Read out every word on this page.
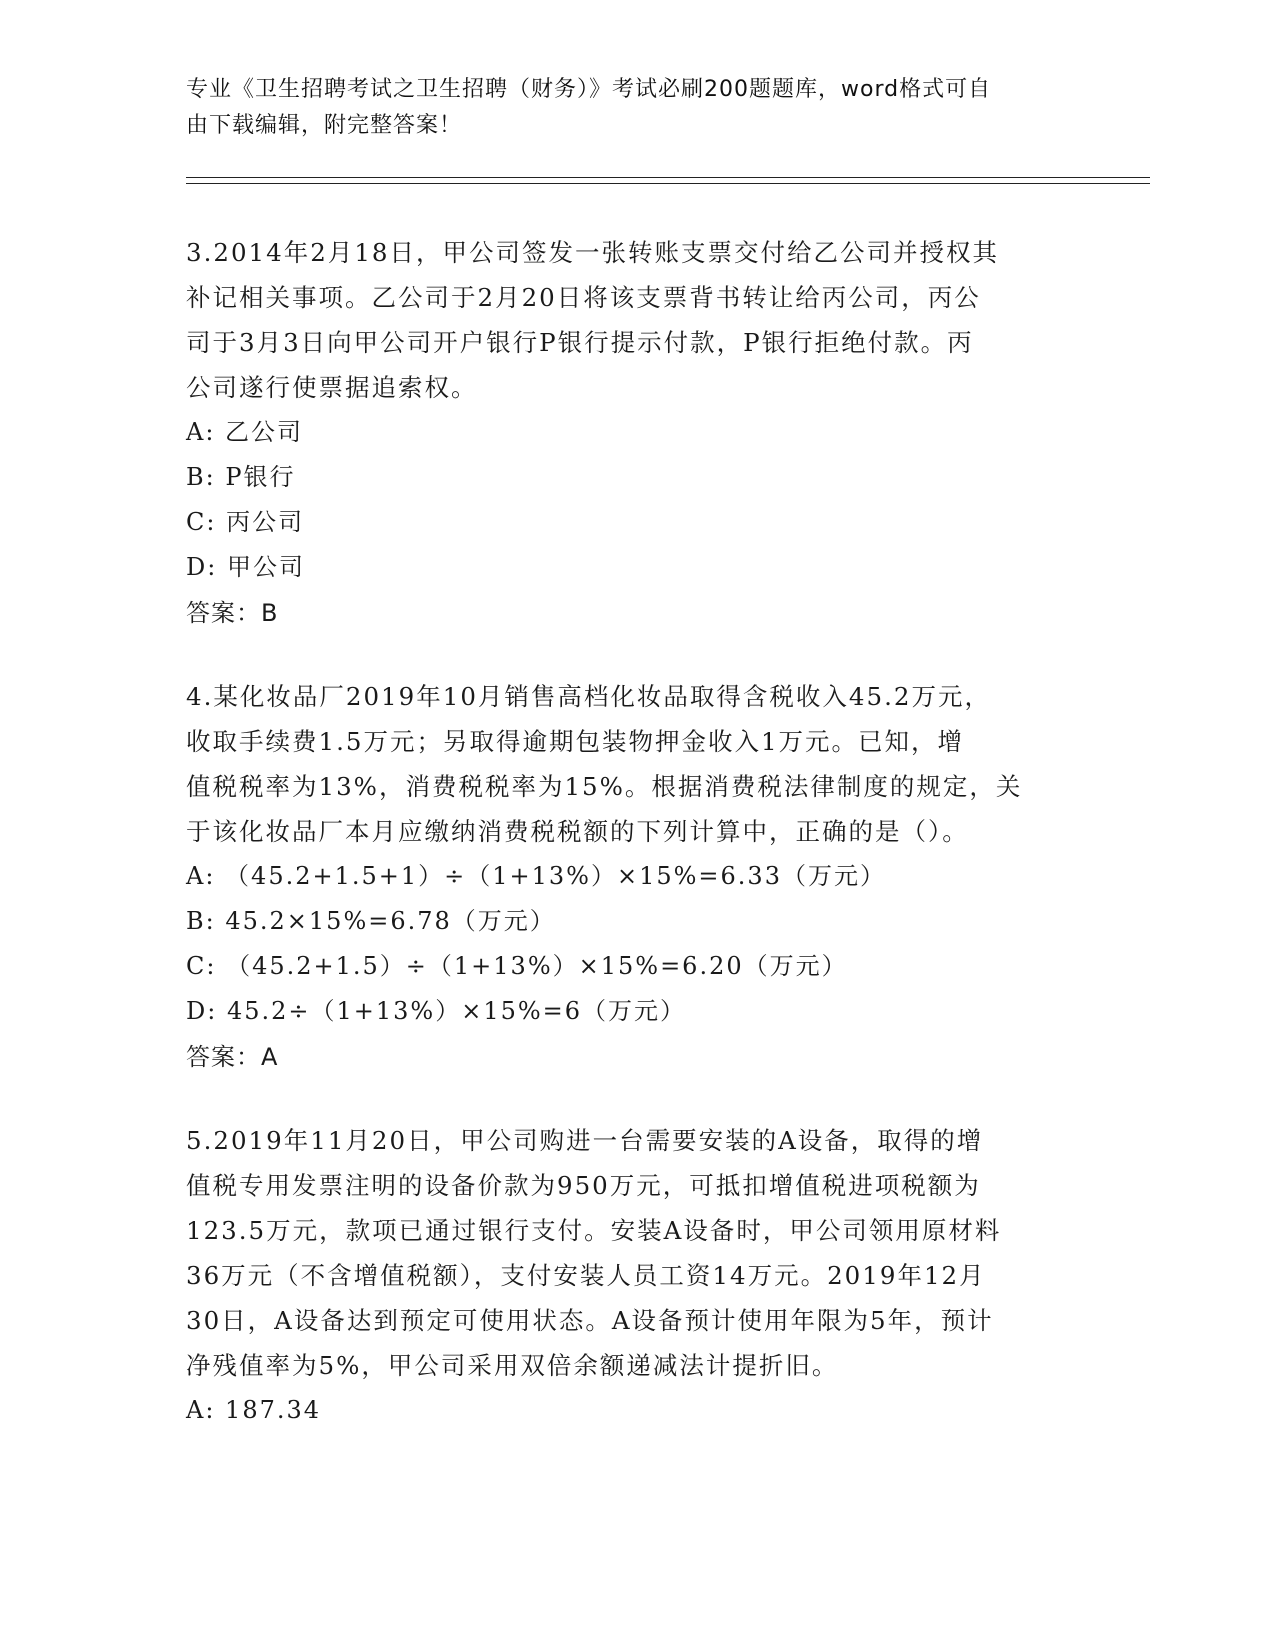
专业《卫生招聘考试之卫生招聘（财务）》考试必刷200题题库，word格式可自
由下载编辑，附完整答案！

3.2014年2月18日，甲公司签发一张转账支票交付给乙公司并授权其

补记相关事项。乙公司于2月20日将该支票背书转让给丙公司，丙公

司于3月3日向甲公司开户银行P银行提示付款，P银行拒绝付款。丙

公司遂行使票据追索权。

A: 乙公司

B: P银行

C: 丙公司

D: 甲公司

答案：B

4.某化妆品厂2019年10月销售高档化妆品取得含税收入45.2万元，

收取手续费1.5万元；另取得逾期包装物押金收入1万元。已知，增

值税税率为13%，消费税税率为15%。根据消费税法律制度的规定，关

于该化妆品厂本月应缴纳消费税税额的下列计算中，正确的是（）。

A: （45.2+1.5+1）÷（1+13%）×15%=6.33（万元）

B: 45.2×15%=6.78（万元）

C: （45.2+1.5）÷（1+13%）×15%=6.20（万元）

D: 45.2÷（1+13%）×15%=6（万元）

答案：A

5.2019年11月20日，甲公司购进一台需要安装的A设备，取得的增

值税专用发票注明的设备价款为950万元，可抵扣增值税进项税额为

123.5万元，款项已通过银行支付。安装A设备时，甲公司领用原材料

36万元（不含增值税额），支付安装人员工资14万元。2019年12月

30日，A设备达到预定可使用状态。A设备预计使用年限为5年，预计

净残值率为5%，甲公司采用双倍余额递减法计提折旧。

A: 187.34
